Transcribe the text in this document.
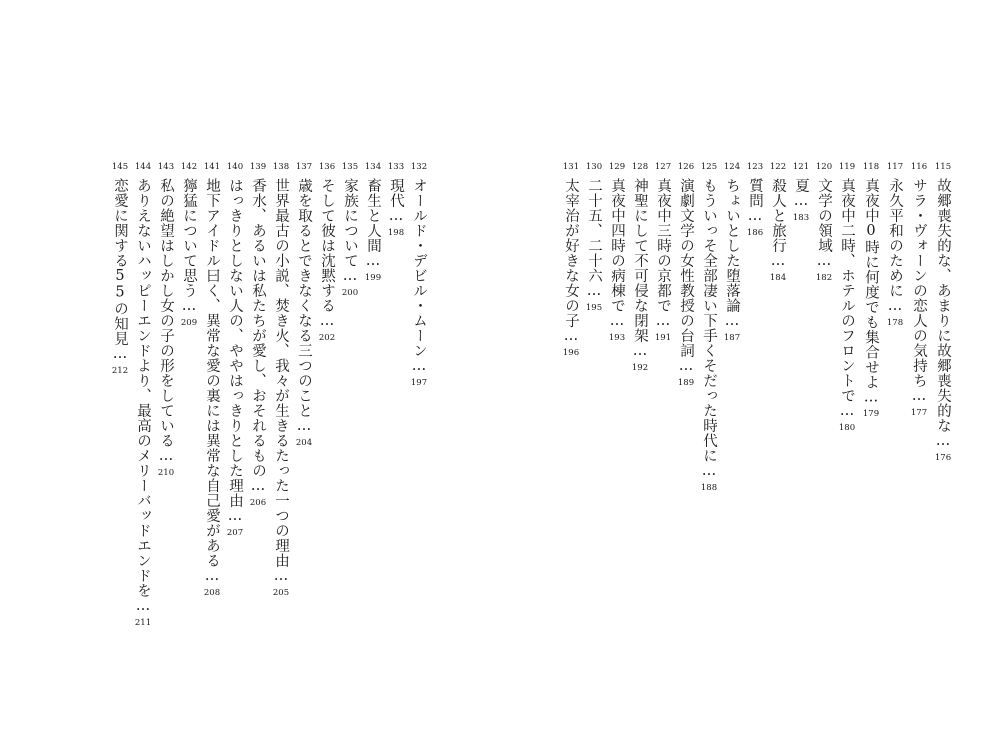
115
故郷喪失的な、あまりに故郷喪失的な…
176
116
サラ・ヴォーンの恋人の気持ち…
177
117
永久平和のために…
178
118
真夜中0時に何度でも集合せよ…
179
119
真夜中二時、ホテルのフロントで…
180
120
文学の領域…
182
121
夏…
183
122
殺人と旅行…
184
123
質問…
186
124
ちょいとした堕落論…
187
125
もういっそ全部凄い下手くそだった時代に…
188
126
演劇文学の女性教授の台詞…
189
127
真夜中三時の京都で…
191
128
神聖にして不可侵な閉架…
192
129
真夜中四時の病棟で…
193
130
二十五、二十六…
195
131
太宰治が好きな女の子…
196
132
オールド・デビル・ムーン…
197
133
現代…
198
134
畜生と人間…
199
135
家族について…
200
136
そして彼は沈黙する…
202
137
歳を取るとできなくなる三つのこと…
204
138
世界最古の小説、焚き火、我々が生きるたった一つの理由…
205
139
香水、あるいは私たちが愛し、おそれるもの…
206
140
はっきりとしない人の、ややはっきりとした理由…
207
141
地下アイドル曰く、異常な愛の裏には異常な自己愛がある…
208
142
獰猛について思う…
209
143
私の絶望はしかし女の子の形をしている…
210
144
ありえないハッピーエンドより、最高のメリーバッドエンドを…
211
145
恋愛に関する55の知見…
212
